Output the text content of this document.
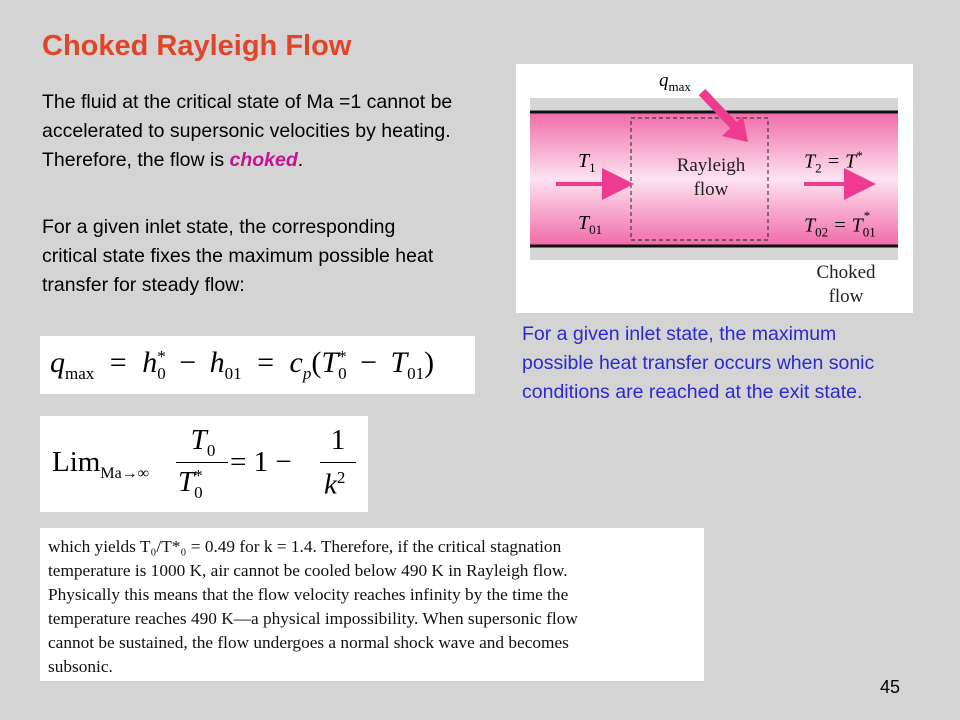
Choked Rayleigh Flow
The fluid at the critical state of Ma =1 cannot be accelerated to supersonic velocities by heating. Therefore, the flow is choked.
For a given inlet state, the corresponding critical state fixes the maximum possible heat transfer for steady flow:
$q_{max} = h$ *
$0 - h_{01} = c_p(T$ *
$0 - T_{01}$)
Lim$_{Ma\to\infty}$
$T_0$
T *
0
= 1 −
1
$k^2$
$q_{max}$
$T_1$
$T_{01}$
Rayleigh
flow
$T_2 = T^*$
$T_{02} = T_{01}^*$
Choked
flow
For a given inlet state, the maximum possible heat transfer occurs when sonic conditions are reached at the exit state.
which yields T₀/T*₀ = 0.49 for k = 1.4. Therefore, if the critical stagnation
temperature is 1000 K, air cannot be cooled below 490 K in Rayleigh flow.
Physically this means that the flow velocity reaches infinity by the time the
temperature reaches 490 K—a physical impossibility. When supersonic flow
cannot be sustained, the flow undergoes a normal shock wave and becomes
subsonic.
45
